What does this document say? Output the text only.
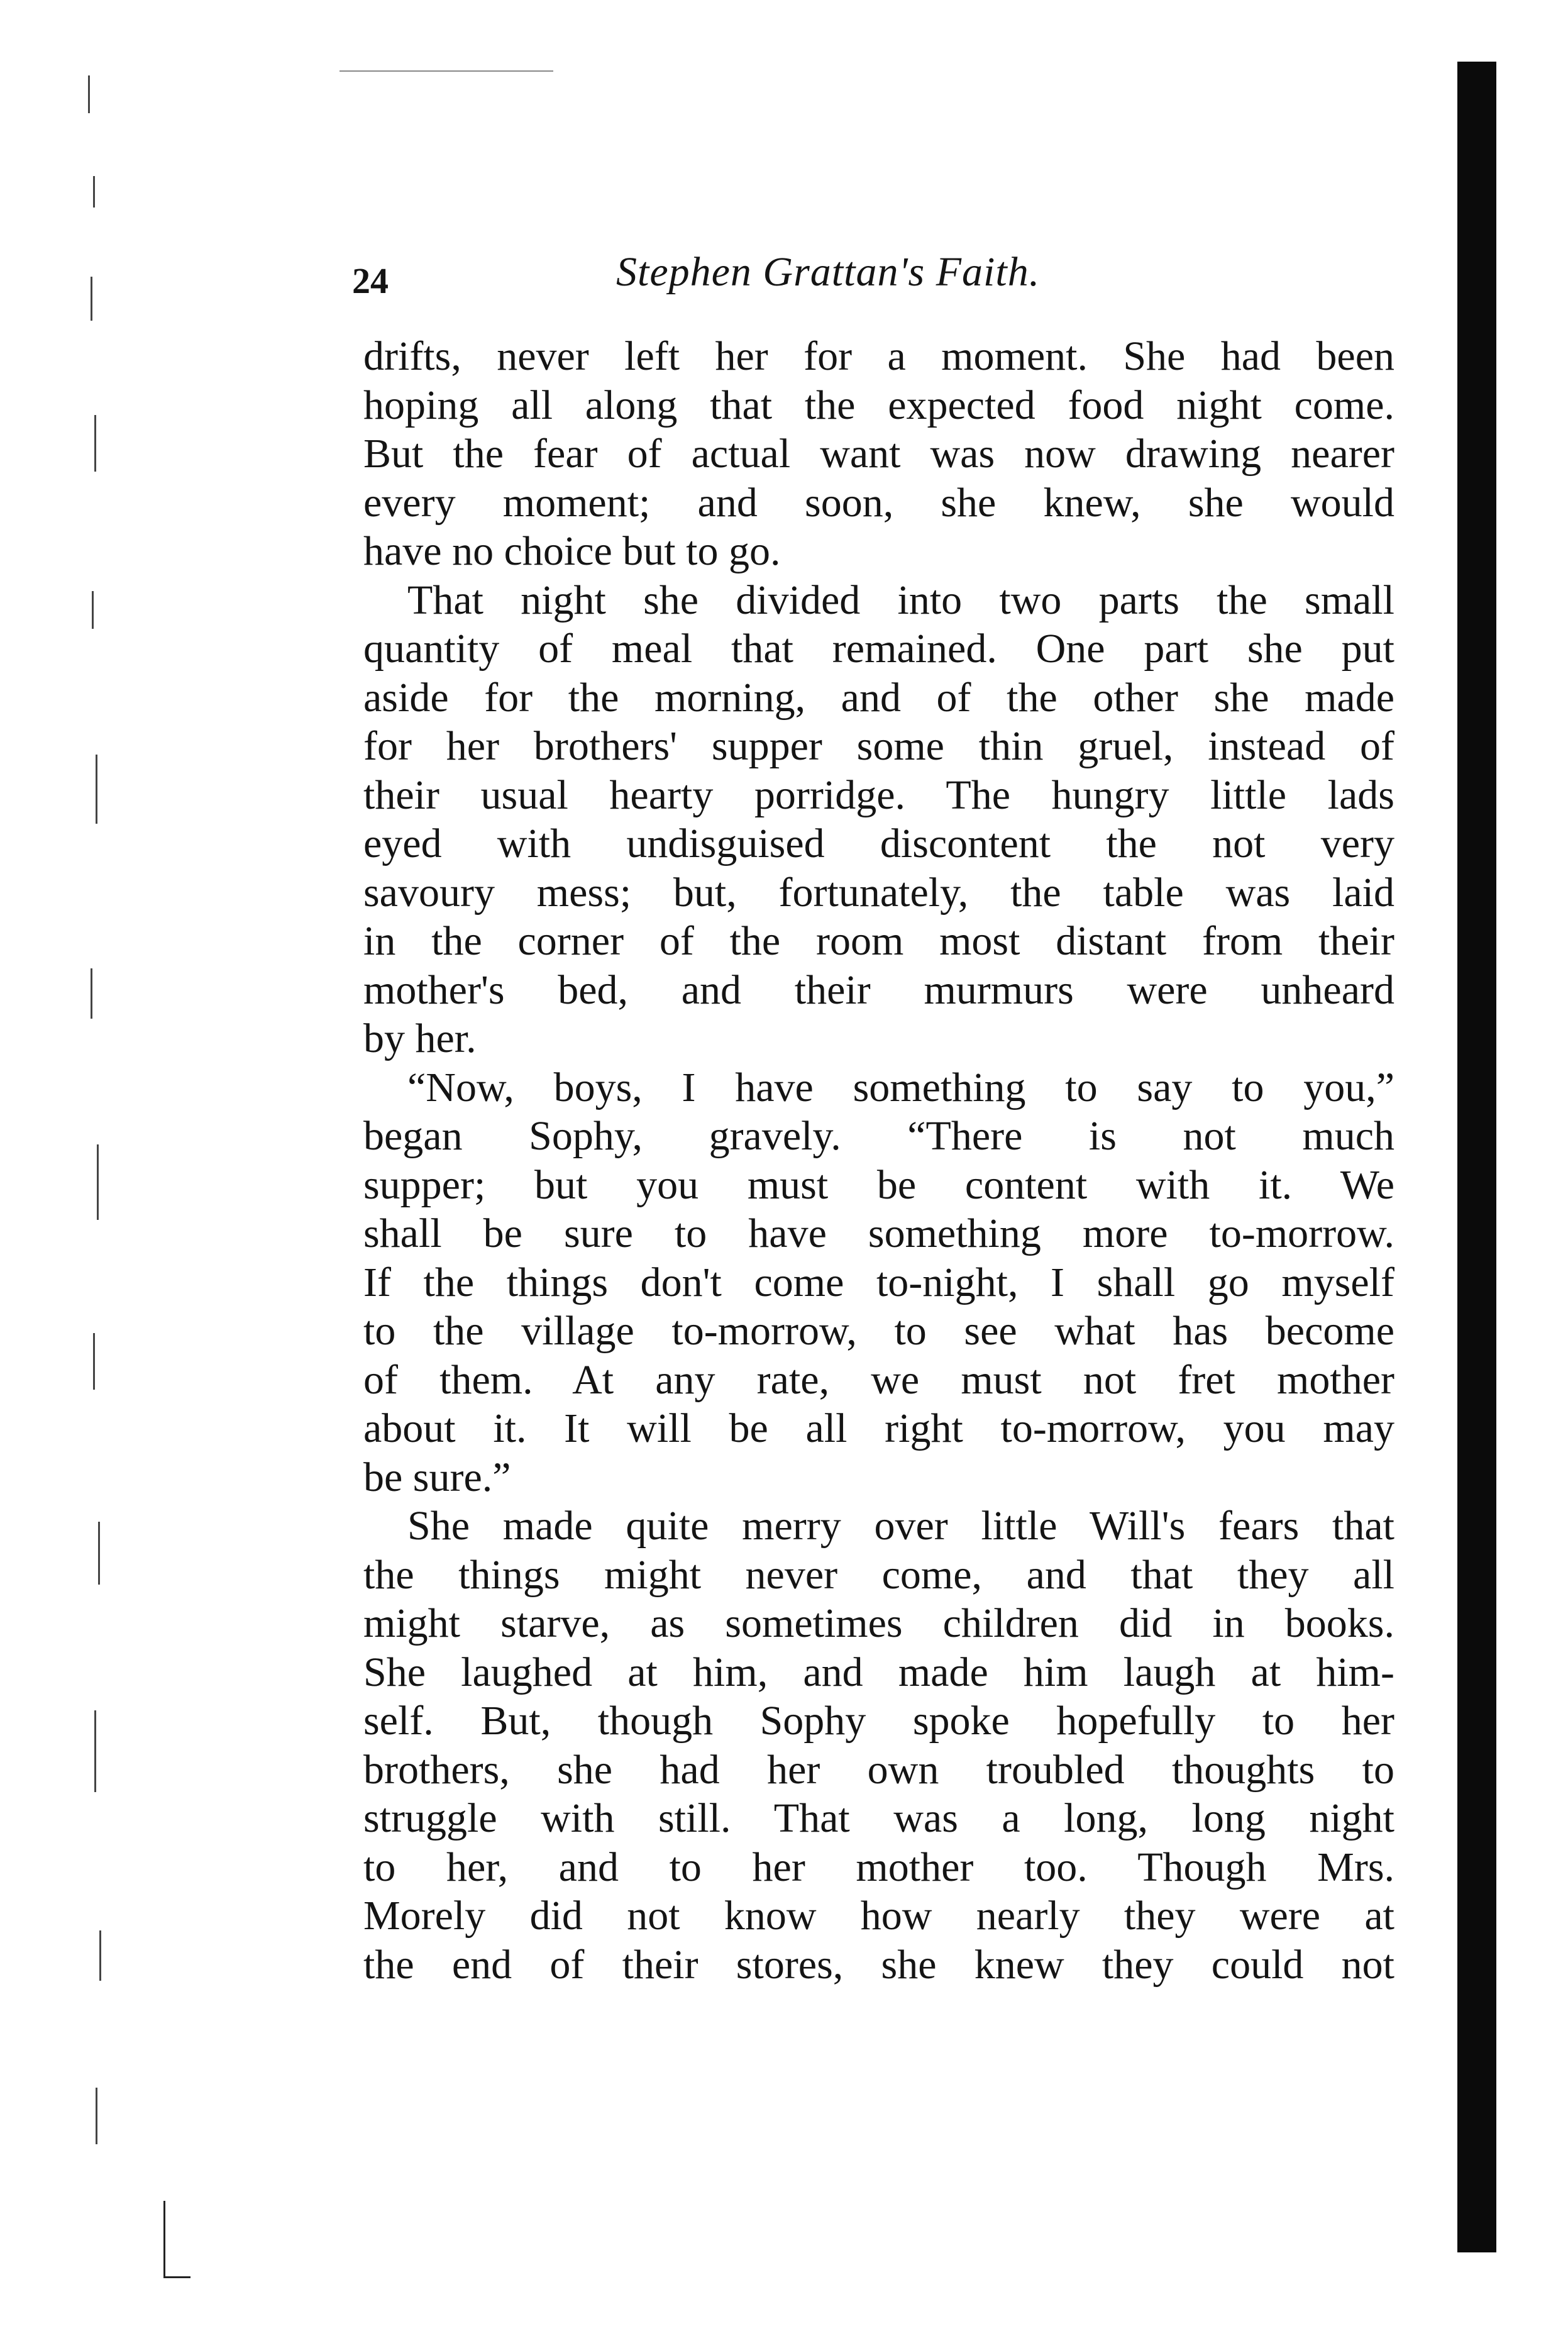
24	Stephen Grattan's Faith.
drifts, never left her for a moment. She had been
hoping all along that the expected food night come.
But the fear of actual want was now drawing nearer
every moment; and soon, she knew, she would
have no choice but to go.
That night she divided into two parts the small
quantity of meal that remained. One part she put
aside for the morning, and of the other she made
for her brothers' supper some thin gruel, instead of
their usual hearty porridge. The hungry little lads
eyed with undisguised discontent the not very
savoury mess; but, fortunately, the table was laid
in the corner of the room most distant from their
mother's bed, and their murmurs were unheard
by her.
“Now, boys, I have something to say to you,”
began Sophy, gravely. “There is not much
supper; but you must be content with it. We
shall be sure to have something more to-morrow.
If the things don't come to-night, I shall go myself
to the village to-morrow, to see what has become
of them. At any rate, we must not fret mother
about it. It will be all right to-morrow, you may
be sure.”
She made quite merry over little Will's fears that
the things might never come, and that they all
might starve, as sometimes children did in books.
She laughed at him, and made him laugh at him-
self. But, though Sophy spoke hopefully to her
brothers, she had her own troubled thoughts to
struggle with still. That was a long, long night
to her, and to her mother too. Though Mrs.
Morely did not know how nearly they were at
the end of their stores, she knew they could not
